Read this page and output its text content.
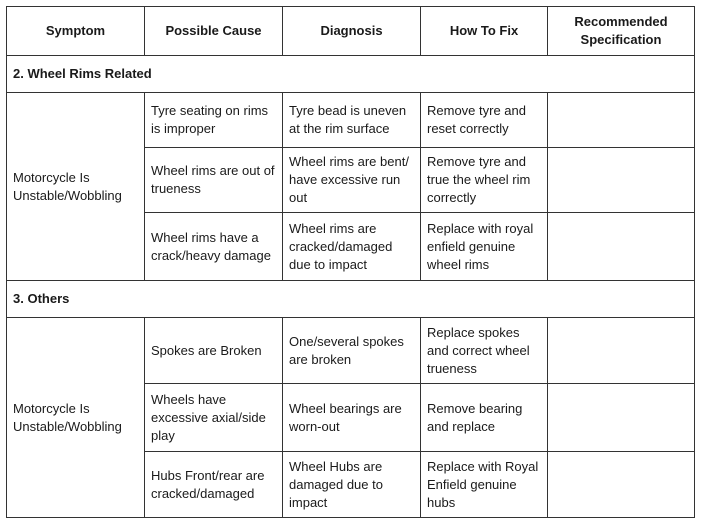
Symptom	Possible Cause	Diagnosis	How To Fix	Recommended
Specification

2. Wheel Rims Related				
Motorcycle Is Unstable/Wobbling	Tyre seating on rims is improper	Tyre bead is uneven at the rim surface	Remove tyre and reset correctly	
	Wheel rims are out of trueness	Wheel rims are bent/ have excessive run out	Remove tyre and true the wheel rim correctly	
	Wheel rims have a crack/heavy damage	Wheel rims are cracked/damaged due to impact	Replace with royal enfield genuine wheel rims	
3. Others				
Motorcycle Is Unstable/Wobbling	Spokes are Broken	One/several spokes are broken	Replace spokes and correct wheel trueness	
	Wheels have excessive axial/side play	Wheel bearings are worn-out	Remove bearing and replace	
	Hubs Front/rear are cracked/damaged	Wheel Hubs are damaged due to impact	Replace with Royal Enfield genuine hubs	
